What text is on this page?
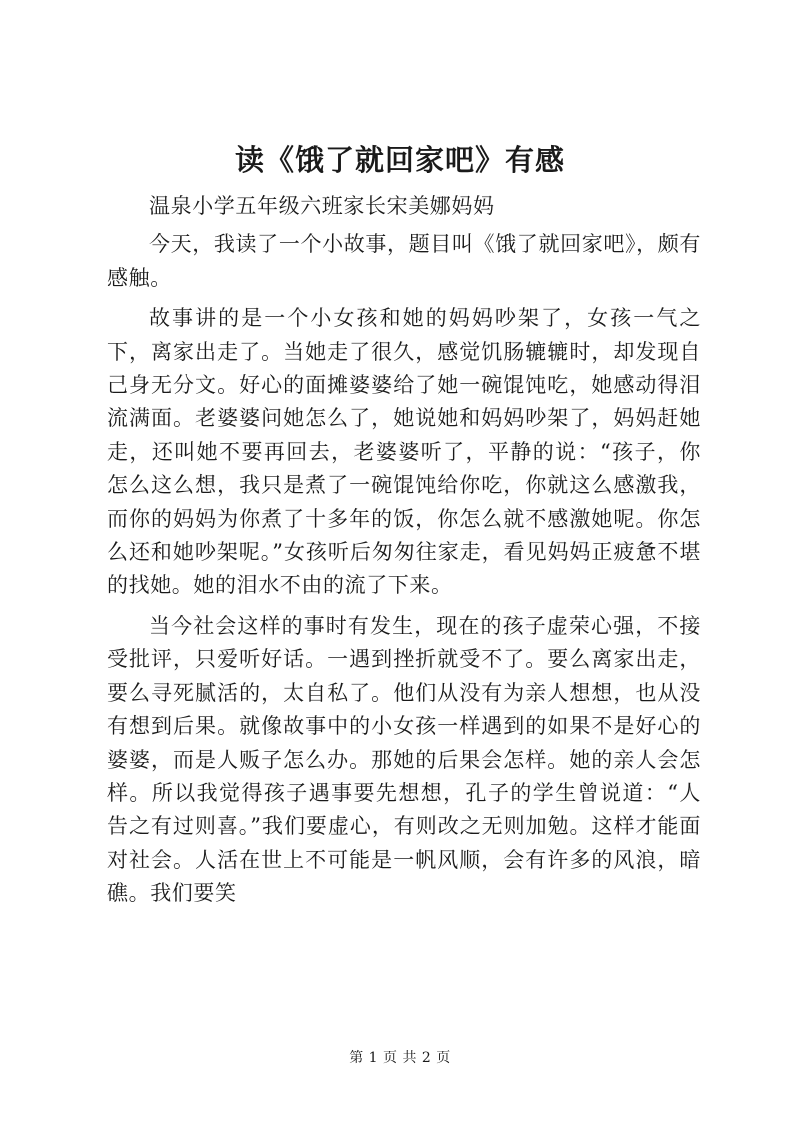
读《饿了就回家吧》有感

温泉小学五年级六班家长宋美娜妈妈

今天，我读了一个小故事，题目叫《饿了就回家吧》，颇有感触。

故事讲的是一个小女孩和她的妈妈吵架了，女孩一气之下，离家出走了。当她走了很久，感觉饥肠辘辘时，却发现自己身无分文。好心的面摊婆婆给了她一碗馄饨吃，她感动得泪流满面。老婆婆问她怎么了，她说她和妈妈吵架了，妈妈赶她走，还叫她不要再回去，老婆婆听了，平静的说：“孩子，你怎么这么想，我只是煮了一碗馄饨给你吃，你就这么感激我，而你的妈妈为你煮了十多年的饭，你怎么就不感激她呢。你怎么还和她吵架呢。”女孩听后匆匆往家走，看见妈妈正疲惫不堪的找她。她的泪水不由的流了下来。

当今社会这样的事时有发生，现在的孩子虚荣心强，不接受批评，只爱听好话。一遇到挫折就受不了。要么离家出走，要么寻死腻活的，太自私了。他们从没有为亲人想想，也从没有想到后果。就像故事中的小女孩一样遇到的如果不是好心的婆婆，而是人贩子怎么办。那她的后果会怎样。她的亲人会怎样。所以我觉得孩子遇事要先想想，孔子的学生曾说道：“人告之有过则喜。”我们要虚心，有则改之无则加勉。这样才能面对社会。人活在世上不可能是一帆风顺，会有许多的风浪，暗礁。我们要笑

第 1 页 共 2 页
